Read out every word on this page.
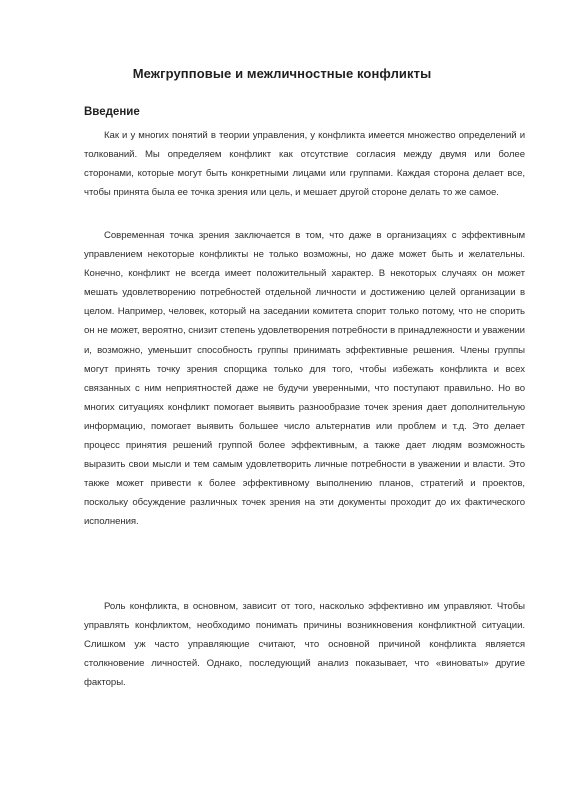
Межгрупповые и межличностные конфликты
Введение

Как и у многих понятий в теории управления, у конфликта имеется множество определений и толкований. Мы определяем конфликт как отсутствие согласия между двумя или более сторонами, которые могут быть конкретными лицами или группами. Каждая сторона делает все, чтобы принята была ее точка зрения или цель, и мешает другой стороне делать то же самое.

Современная точка зрения заключается в том, что даже в организациях с эффективным управлением некоторые конфликты не только возможны, но даже может быть и желательны. Конечно, конфликт не всегда имеет положительный характер. В некоторых случаях он может мешать удовлетворению потребностей отдельной личности и достижению целей организации в целом. Например, человек, который на заседании комитета спорит только потому, что не спорить он не может, вероятно, снизит степень удовлетворения потребности в принадлежности и уважении и, возможно, уменьшит способность группы принимать эффективные решения. Члены группы могут принять точку зрения спорщика только для того, чтобы избежать конфликта и всех связанных с ним неприятностей даже не будучи уверенными, что поступают правильно. Но во многих ситуациях конфликт помогает выявить разнообразие точек зрения дает дополнительную информацию, помогает выявить большее число альтернатив или проблем и т.д. Это делает процесс принятия решений группой более эффективным, а также дает людям возможность выразить свои мысли и тем самым удовлетворить личные потребности в уважении и власти. Это также может привести к более эффективному выполнению планов, стратегий и проектов, поскольку обсуждение различных точек зрения на эти документы проходит до их фактического исполнения.

Роль конфликта, в основном, зависит от того, насколько эффективно им управляют. Чтобы управлять конфликтом, необходимо понимать причины возникновения конфликтной ситуации. Слишком уж часто управляющие считают, что основной причиной конфликта является столкновение личностей. Однако, последующий анализ показывает, что «виноваты» другие факторы.
